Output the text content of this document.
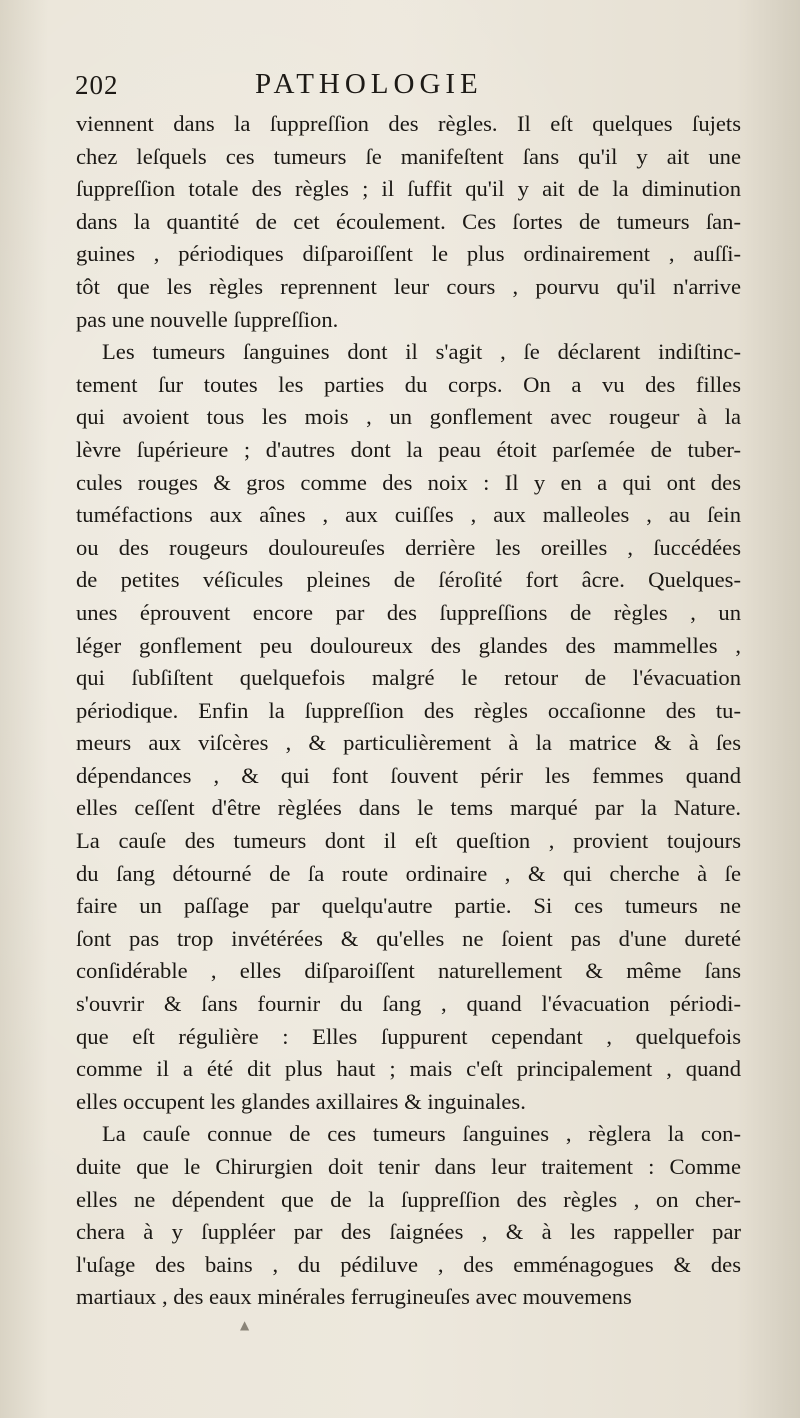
202	PATHOLOGIE
viennent dans la ſuppreſſion des règles. Il eſt quelques ſujets
chez leſquels ces tumeurs ſe manifeſtent ſans qu'il y ait une
ſuppreſſion totale des règles ; il ſuffit qu'il y ait de la diminution
dans la quantité de cet écoulement. Ces ſortes de tumeurs ſan-
guines , périodiques diſparoiſſent le plus ordinairement , auſſi-
tôt que les règles reprennent leur cours , pourvu qu'il n'arrive
pas une nouvelle ſuppreſſion.
Les tumeurs ſanguines dont il s'agit , ſe déclarent indiſtinc-
tement ſur toutes les parties du corps. On a vu des filles
qui avoient tous les mois , un gonflement avec rougeur à la
lèvre ſupérieure ; d'autres dont la peau étoit parſemée de tuber-
cules rouges & gros comme des noix : Il y en a qui ont des
tuméfactions aux aînes , aux cuiſſes , aux malleoles , au ſein
ou des rougeurs douloureuſes derrière les oreilles , ſuccédées
de petites véſicules pleines de ſéroſité fort âcre. Quelques-
unes éprouvent encore par des ſuppreſſions de règles , un
léger gonflement peu douloureux des glandes des mammelles ,
qui ſubſiſtent quelquefois malgré le retour de l'évacuation
périodique. Enfin la ſuppreſſion des règles occaſionne des tu-
meurs aux viſcères , & particulièrement à la matrice & à ſes
dépendances , & qui font ſouvent périr les femmes quand
elles ceſſent d'être règlées dans le tems marqué par la Nature.
La cauſe des tumeurs dont il eſt queſtion , provient toujours
du ſang détourné de ſa route ordinaire , & qui cherche à ſe
faire un paſſage par quelqu'autre partie. Si ces tumeurs ne
ſont pas trop invétérées & qu'elles ne ſoient pas d'une dureté
conſidérable , elles diſparoiſſent naturellement & même ſans
s'ouvrir & ſans fournir du ſang , quand l'évacuation périodi-
que eſt régulière : Elles ſuppurent cependant , quelquefois
comme il a été dit plus haut ; mais c'eſt principalement , quand
elles occupent les glandes axillaires & inguinales.
La cauſe connue de ces tumeurs ſanguines , règlera la con-
duite que le Chirurgien doit tenir dans leur traitement : Comme
elles ne dépendent que de la ſuppreſſion des règles , on cher-
chera à y ſuppléer par des ſaignées , & à les rappeller par
l'uſage des bains , du pédiluve , des emménagogues & des
martiaux , des eaux minérales ferrugineuſes avec mouvemens
▲
